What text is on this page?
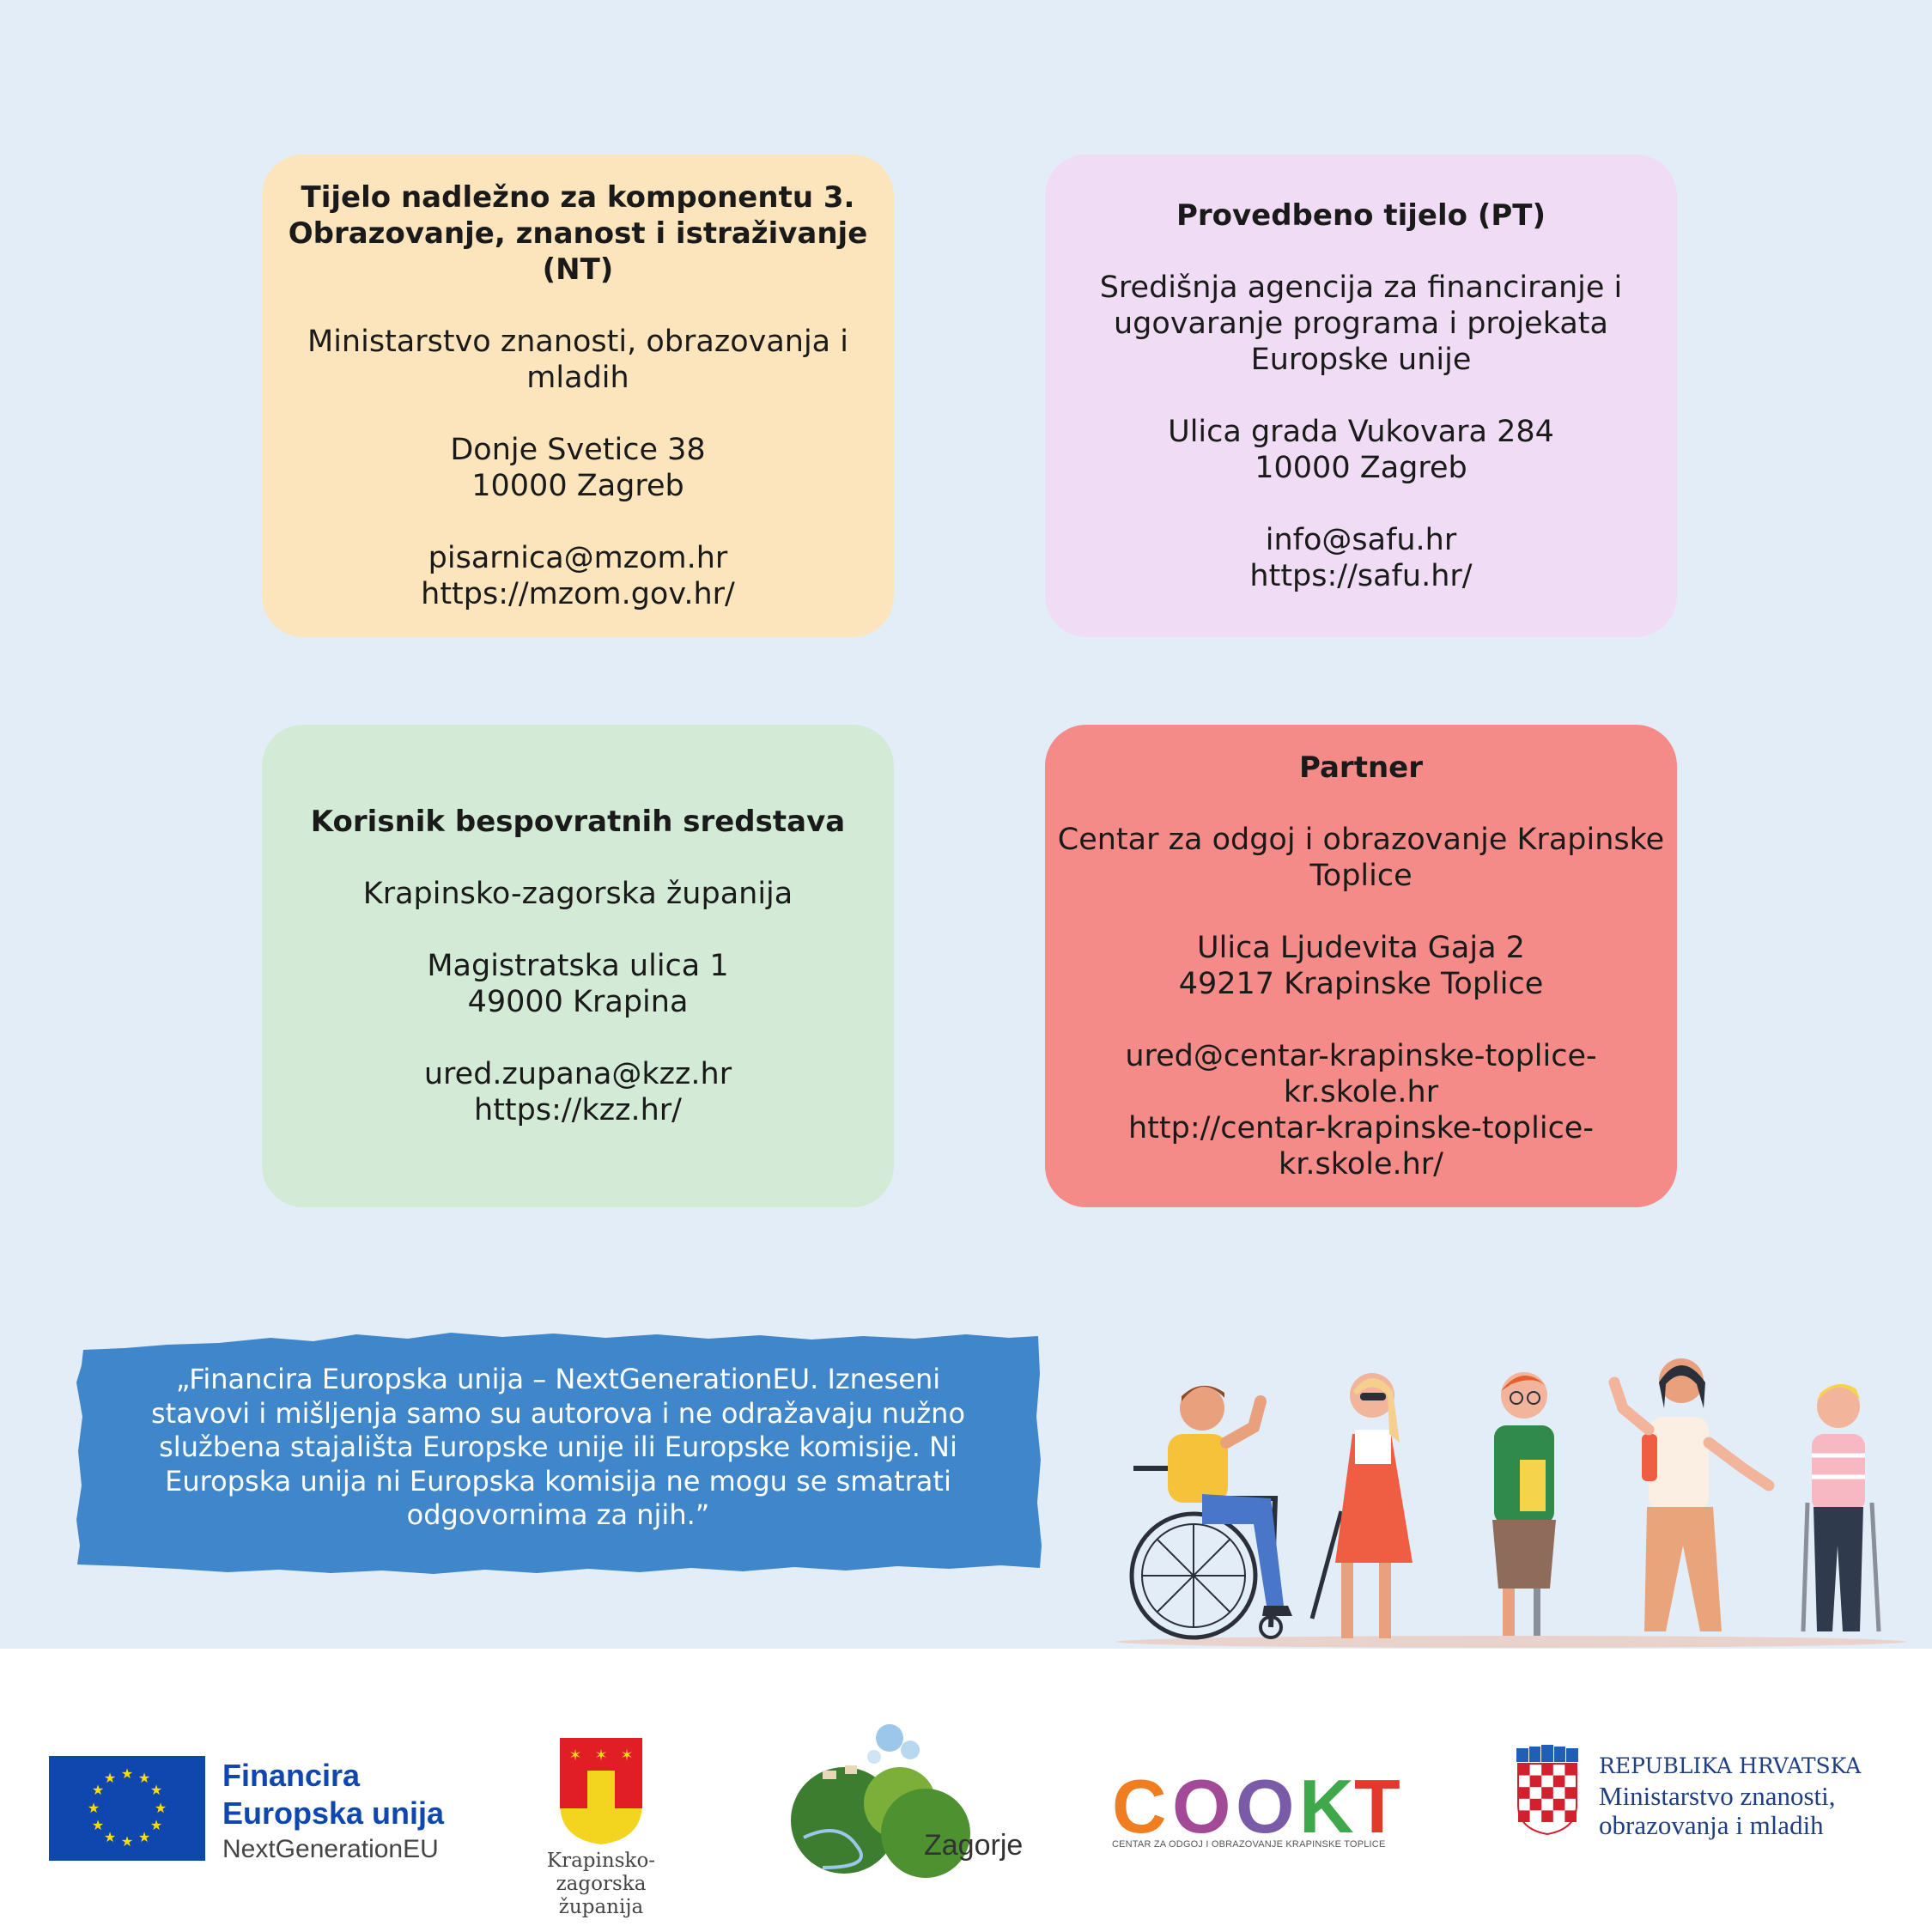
Tijelo nadležno za komponentu 3.
Obrazovanje, znanost i istraživanje (NT)
Ministarstvo znanosti, obrazovanja i
mladih
Donje Svetice 38
10000 Zagreb
pisarnica@mzom.hr
https://mzom.gov.hr/
Provedbeno tijelo (PT)
Središnja agencija za financiranje i
ugovaranje programa i projekata
Europske unije
Ulica grada Vukovara 284
10000 Zagreb
info@safu.hr
https://safu.hr/
Korisnik bespovratnih sredstava
Krapinsko-zagorska županija
Magistratska ulica 1
49000 Krapina
ured.zupana@kzz.hr
https://kzz.hr/
Partner
Centar za odgoj i obrazovanje Krapinske
Toplice
Ulica Ljudevita Gaja 2
49217 Krapinske Toplice
ured@centar-krapinske-toplice-
kr.skole.hr
http://centar-krapinske-toplice-
kr.skole.hr/
„Financira Europska unija – NextGenerationEU. Izneseni
stavovi i mišljenja samo su autorova i ne odražavaju nužno
službena stajališta Europske unije ili Europske komisije. Ni
Europska unija ni Europska komisija ne mogu se smatrati
odgovornima za njih.”
★ ★
★
★
★
★
★
★
★
★
★
★	Financira
Europska unija
NextGenerationEU
✶ ✶ ✶
Krapinsko-zagorska
županija
Zagorje C O O K T
CENTAR ZA ODGOJ I OBRAZOVANJE KRAPINSKE TOPLICE
REPUBLIKA HRVATSKA
Ministarstvo znanosti,
obrazovanja i mladih
